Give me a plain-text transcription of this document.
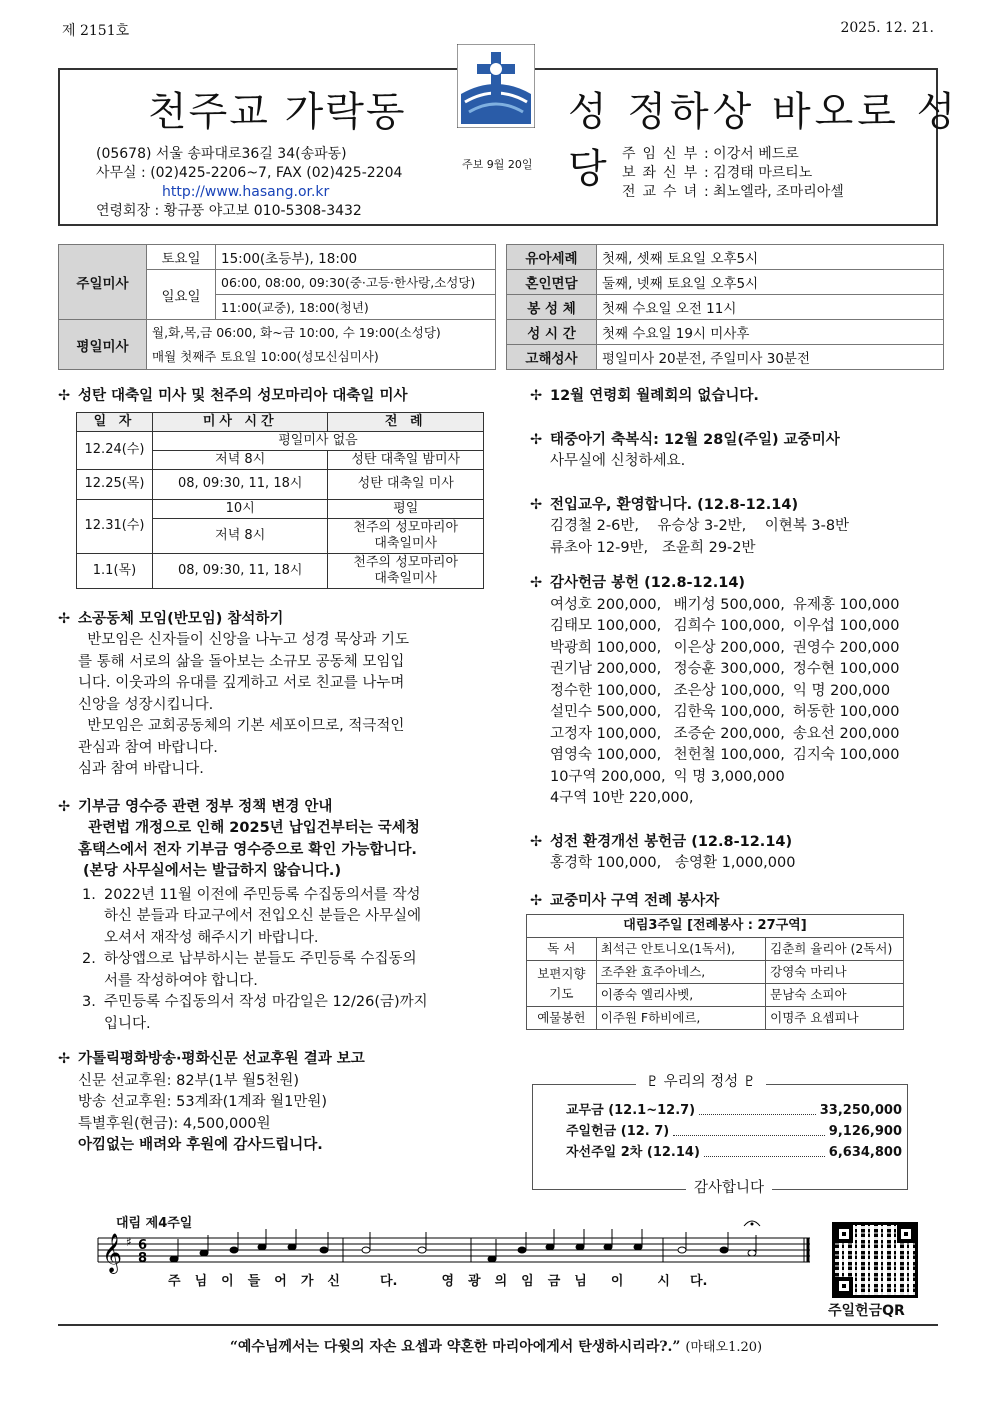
제 2151호	2025. 12. 21.
천주교 가락동	성 정하상 바오로 성당
(05678) 서울 송파대로36길 34(송파동)
사무실 : (02)425-2206~7, FAX (02)425-2204
http://www.hasang.or.kr
연령회장 : 황규풍 야고보 010-5308-3432
주보 9월 20일
주임신부: 이강서 베드로
보좌신부: 김경태 마르티노
전교수녀: 최노엘라, 조마리아셀
주일미사	토요일	15:00(초등부), 18:00		유아세례	첫째, 셋째 토요일 오후5시
	일요일	06:00, 08:00, 09:30(중·고등·한사랑,소성당)		혼인면담	둘째, 넷째 토요일 오후5시
				봉 성 체	첫째 수요일 오전 11시
		11:00(교중), 18:00(청년)			
평일미사	월,화,목,금 06:00, 화~금 10:00, 수 19:00(소성당)			성 시 간	첫째 수요일 19시 미사후
	매월 첫째주 토요일 10:00(성모신심미사)			고해성사	평일미사 20분전, 주일미사 30분전
✢ 성탄 대축일 미사 및 천주의 성모마리아 대축일 미사
일 자	미사 시간	전 례
12.24(수)	평일미사 없음	
	저녁 8시	성탄 대축일 밤미사
12.25(목)	08, 09:30, 11, 18시	성탄 대축일 미사
12.31(수)	10시	평일
	저녁 8시	천주의 성모마리아
대축일미사

1.1(목)	08, 09:30, 11, 18시	천주의 성모마리아
대축일미사
✢ 소공동체 모임(반모임) 참석하기
반모임은 신자들이 신앙을 나누고 성경 묵상과 기도
를 통해 서로의 삶을 돌아보는 소규모 공동체 모임입
니다. 이웃과의 유대를 깊게하고 서로 친교를 나누며
신앙을 성장시킵니다.
반모임은 교회공동체의 기본 세포이므로, 적극적인
관심과 참여 바랍니다.
심과 참여 바랍니다.
✢ 기부금 영수증 관련 정부 정책 변경 안내
관련법 개정으로 인해 2025년 납입건부터는 국세청
홈택스에서 전자 기부금 영수증으로 확인 가능합니다.
(본당 사무실에서는 발급하지 않습니다.)
1. 2022년 11월 이전에 주민등록 수집동의서를 작성
하신 분들과 타교구에서 전입오신 분들은 사무실에
오셔서 재작성 해주시기 바랍니다.
2. 하상앱으로 납부하시는 분들도 주민등록 수집동의
서를 작성하여야 합니다.
3. 주민등록 수집동의서 작성 마감일은 12/26(금)까지
입니다.
✢ 가톨릭평화방송·평화신문 선교후원 결과 보고
신문 선교후원: 82부(1부 월5천원)
방송 선교후원: 53계좌(1계좌 월1만원)
특별후원(현금): 4,500,000원
아낌없는 배려와 후원에 감사드립니다.
✢ 12월 연령회 월례회의 없습니다.
✢ 태중아기 축복식: 12월 28일(주일) 교중미사
사무실에 신청하세요.
✢ 전입교우, 환영합니다. (12.8-12.14)
김경철 2-6반,    유승상 3-2반,    이현복 3-8반
류초아 12-9반,   조윤희 29-2반
✢ 감사헌금 봉헌 (12.8-12.14)
여성호 200,000,	배기성 500,000,	유제홍 100,000
김태모 100,000,	김희수 100,000,	이우섭 100,000
박광희 100,000,	이은상 200,000,	권영수 200,000
권기남 200,000,	정승훈 300,000,	정수현 100,000
정수한 100,000,	조은상 100,000,	익 명 200,000
설민수 500,000,	김한욱 100,000,	허동한 100,000
고정자 100,000,	조증순 200,000,	송요선 200,000
염영숙 100,000,	천헌철 100,000,	김지숙 100,000
10구역 200,000,	익 명 3,000,000	
4구역 10반 220,000,		
✢ 성전 환경개선 봉헌금 (12.8-12.14)
홍경학 100,000,   송영환 1,000,000
✢ 교중미사 구역 전례 봉사자
대림3주일 [전례봉사 : 27구역]		
독 서	최석근 안토니오(1독서),	김춘희 율리아 (2독서)

보편지향
기도	조주완 효주아네스,	강영숙 마리나
	이종숙 엘리사벳,	문남숙 소피아
예물봉헌	이주원 F하비에르,	이명주 요셉피나
♇ 우리의 정성 ♇
교무금 (12.1~12.7)	33,250,000
주일헌금 (12. 7)	9,126,900
자선주일 2차 (12.14)	6,634,800
감사합니다
대림 제4주일
𝄞 ♯ 6
8
주 님 이 들 어 가 신	다.	영 광 의 임 금 님 이	시 다.
주일헌금QR
“예수님께서는 다윗의 자손 요셉과 약혼한 마리아에게서 탄생하시리라?.” (마태오1.20)
